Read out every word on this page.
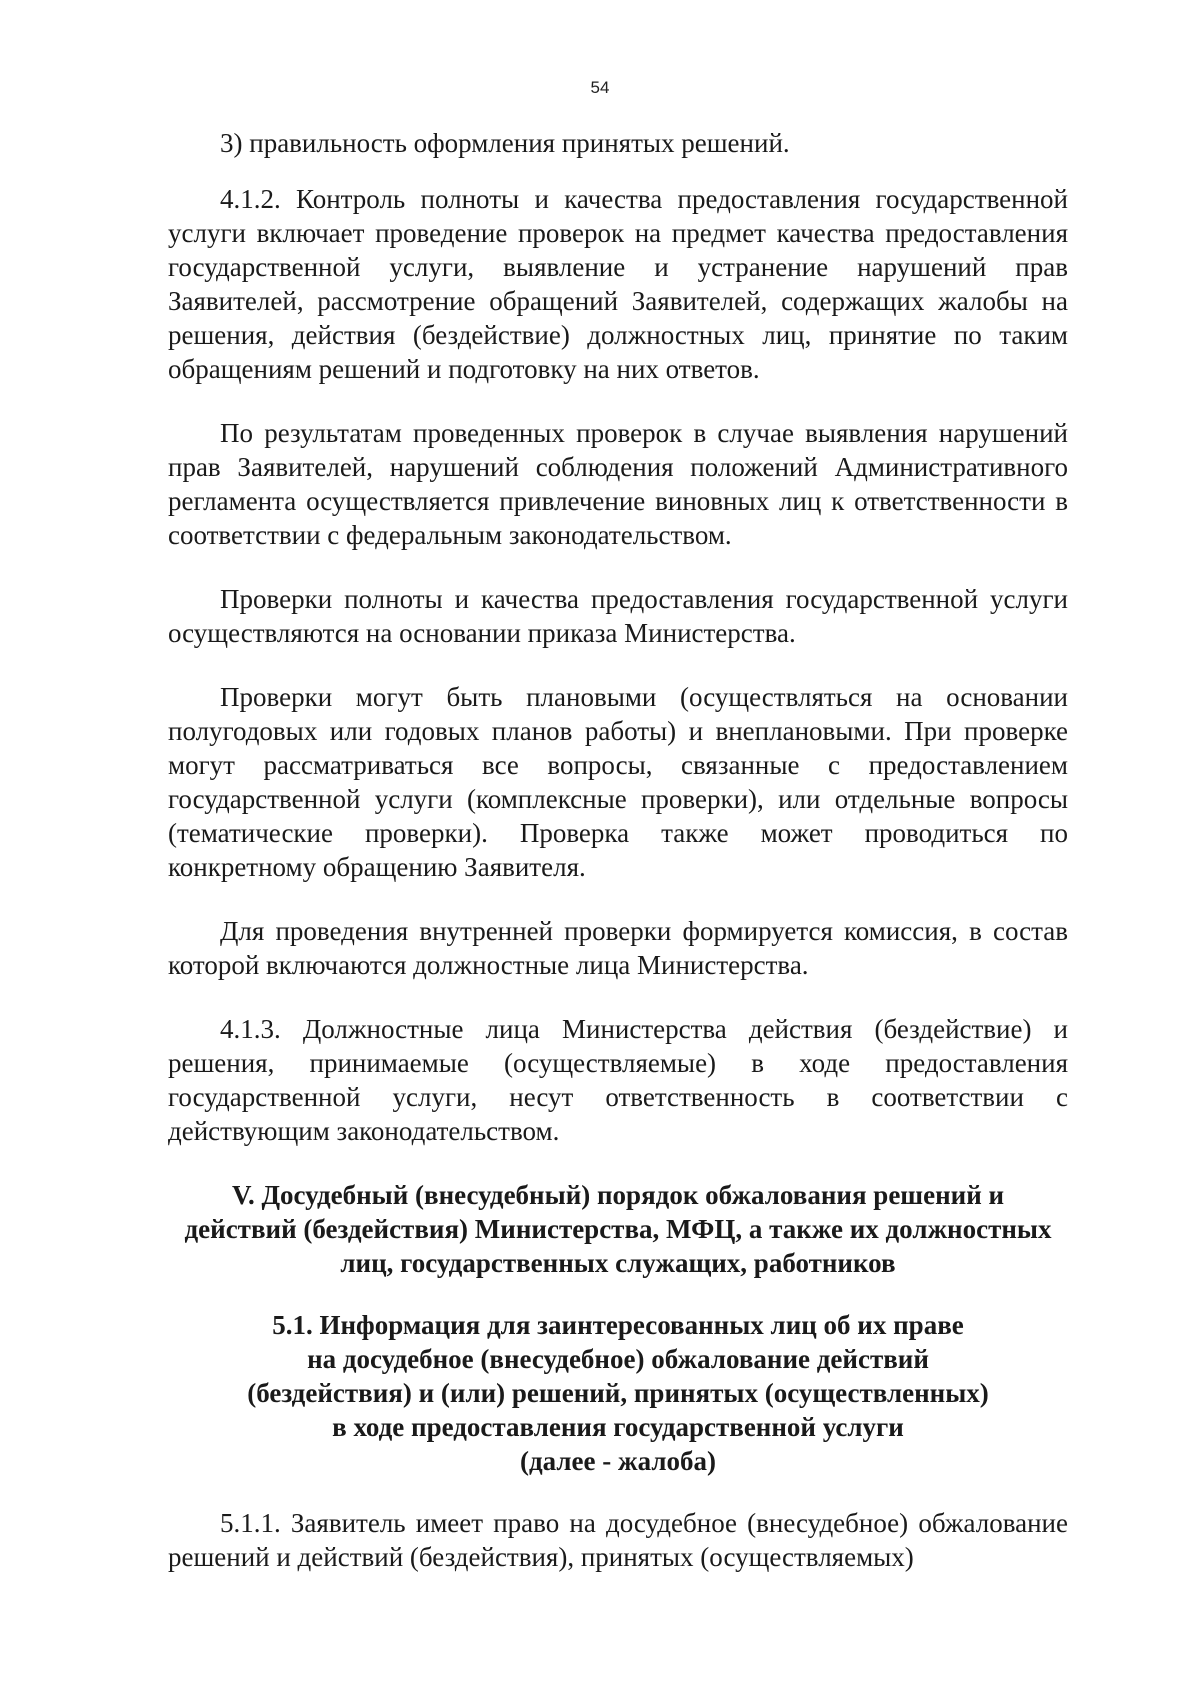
54

3) правильность оформления принятых решений.

4.1.2. Контроль полноты и качества предоставления государственной услуги включает проведение проверок на предмет качества предоставления государственной услуги, выявление и устранение нарушений прав Заявителей, рассмотрение обращений Заявителей, содержащих жалобы на решения, действия (бездействие) должностных лиц, принятие по таким обращениям решений и подготовку на них ответов.

По результатам проведенных проверок в случае выявления нарушений прав Заявителей, нарушений соблюдения положений Административного регламента осуществляется привлечение виновных лиц к ответственности в соответствии с федеральным законодательством.

Проверки полноты и качества предоставления государственной услуги осуществляются на основании приказа Министерства.

Проверки могут быть плановыми (осуществляться на основании полугодовых или годовых планов работы) и внеплановыми. При проверке могут рассматриваться все вопросы, связанные с предоставлением государственной услуги (комплексные проверки), или отдельные вопросы (тематические проверки). Проверка также может проводиться по конкретному обращению Заявителя.

Для проведения внутренней проверки формируется комиссия, в состав которой включаются должностные лица Министерства.

4.1.3. Должностные лица Министерства действия (бездействие) и решения, принимаемые (осуществляемые) в ходе предоставления государственной услуги, несут ответственность в соответствии с действующим законодательством.

V. Досудебный (внесудебный) порядок обжалования решений и
действий (бездействия) Министерства, МФЦ, а также их должностных
лиц, государственных служащих, работников
5.1. Информация для заинтересованных лиц об их праве
на досудебное (внесудебное) обжалование действий
(бездействия) и (или) решений, принятых (осуществленных)
в ходе предоставления государственной услуги
(далее - жалоба)

5.1.1. Заявитель имеет право на досудебное (внесудебное) обжалование решений и действий (бездействия), принятых (осуществляемых)
